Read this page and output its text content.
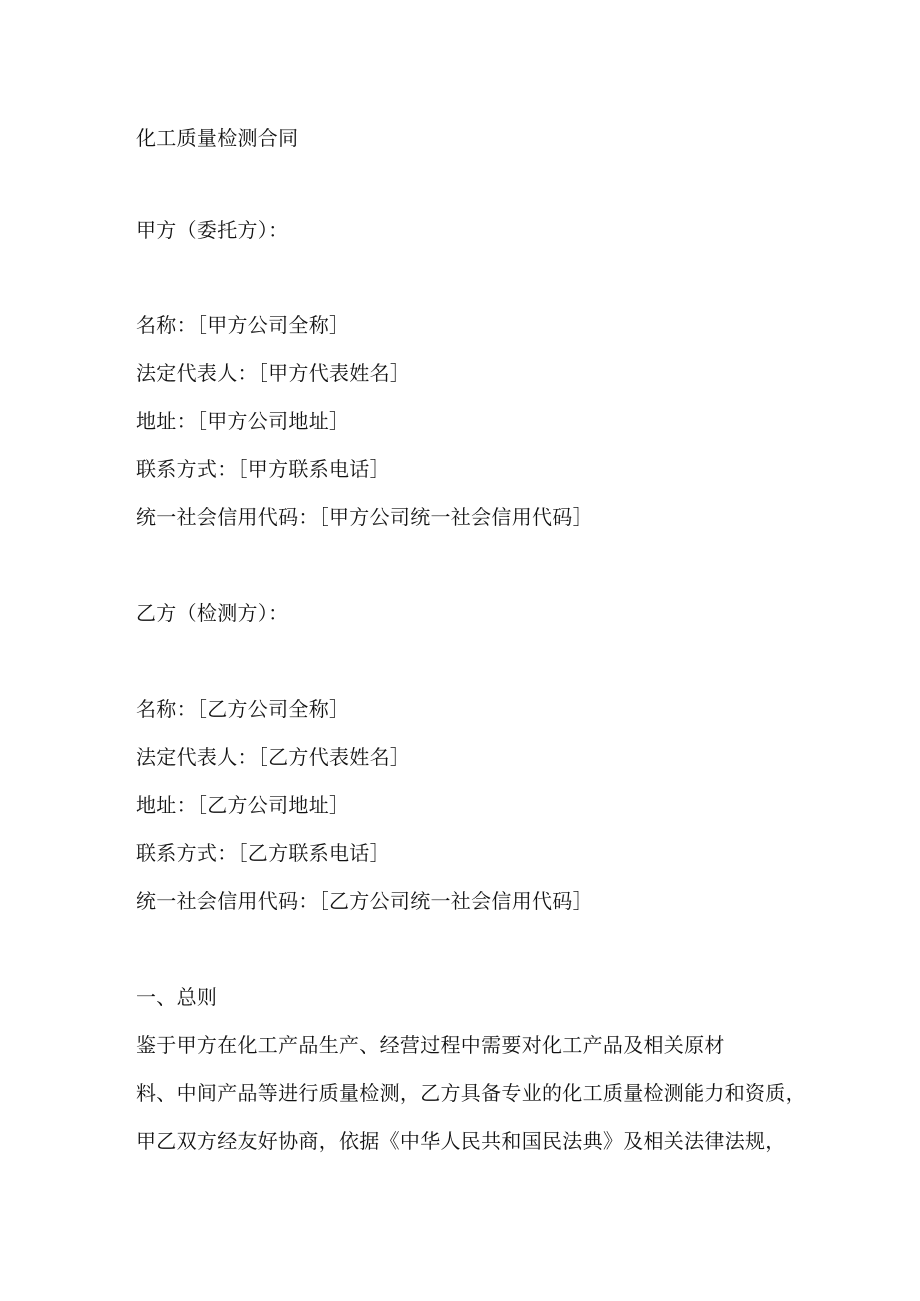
化工质量检测合同
甲方（委托方）：
名称：［甲方公司全称］
法定代表人：［甲方代表姓名］
地址：［甲方公司地址］
联系方式：［甲方联系电话］
统一社会信用代码：［甲方公司统一社会信用代码］
乙方（检测方）：
名称：［乙方公司全称］
法定代表人：［乙方代表姓名］
地址：［乙方公司地址］
联系方式：［乙方联系电话］
统一社会信用代码：［乙方公司统一社会信用代码］
一、总则
鉴于甲方在化工产品生产、经营过程中需要对化工产品及相关原材
料、中间产品等进行质量检测，乙方具备专业的化工质量检测能力和资质，
甲乙双方经友好协商，依据《中华人民共和国民法典》及相关法律法规，
